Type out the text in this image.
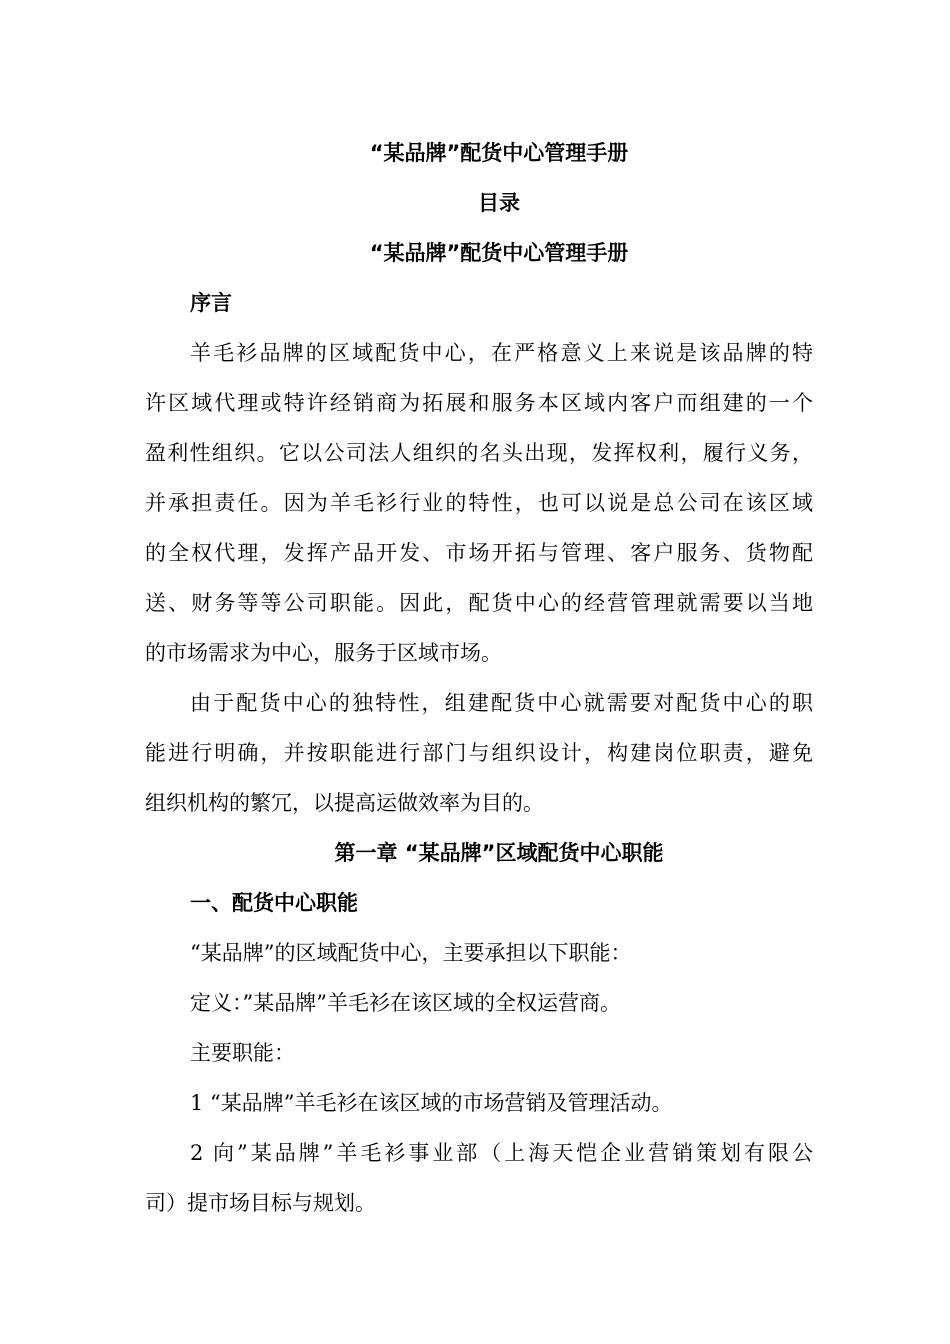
“某品牌”配货中心管理手册
目录
“某品牌”配货中心管理手册
序言
羊毛衫品牌的区域配货中心，在严格意义上来说是该品牌的特
许区域代理或特许经销商为拓展和服务本区域内客户而组建的一个
盈利性组织。它以公司法人组织的名头出现，发挥权利，履行义务，
并承担责任。因为羊毛衫行业的特性，也可以说是总公司在该区域
的全权代理，发挥产品开发、市场开拓与管理、客户服务、货物配
送、财务等等公司职能。因此，配货中心的经营管理就需要以当地
的市场需求为中心，服务于区域市场。
由于配货中心的独特性，组建配货中心就需要对配货中心的职
能进行明确，并按职能进行部门与组织设计，构建岗位职责，避免
组织机构的繁冗，以提高运做效率为目的。
第一章 “某品牌”区域配货中心职能
一、配货中心职能
“某品牌”的区域配货中心，主要承担以下职能：
定义：”某品牌”羊毛衫在该区域的全权运营商。
主要职能：
1 “某品牌”羊毛衫在该区域的市场营销及管理活动。
2 向”某品牌”羊毛衫事业部（上海天恺企业营销策划有限公
司）提市场目标与规划。
